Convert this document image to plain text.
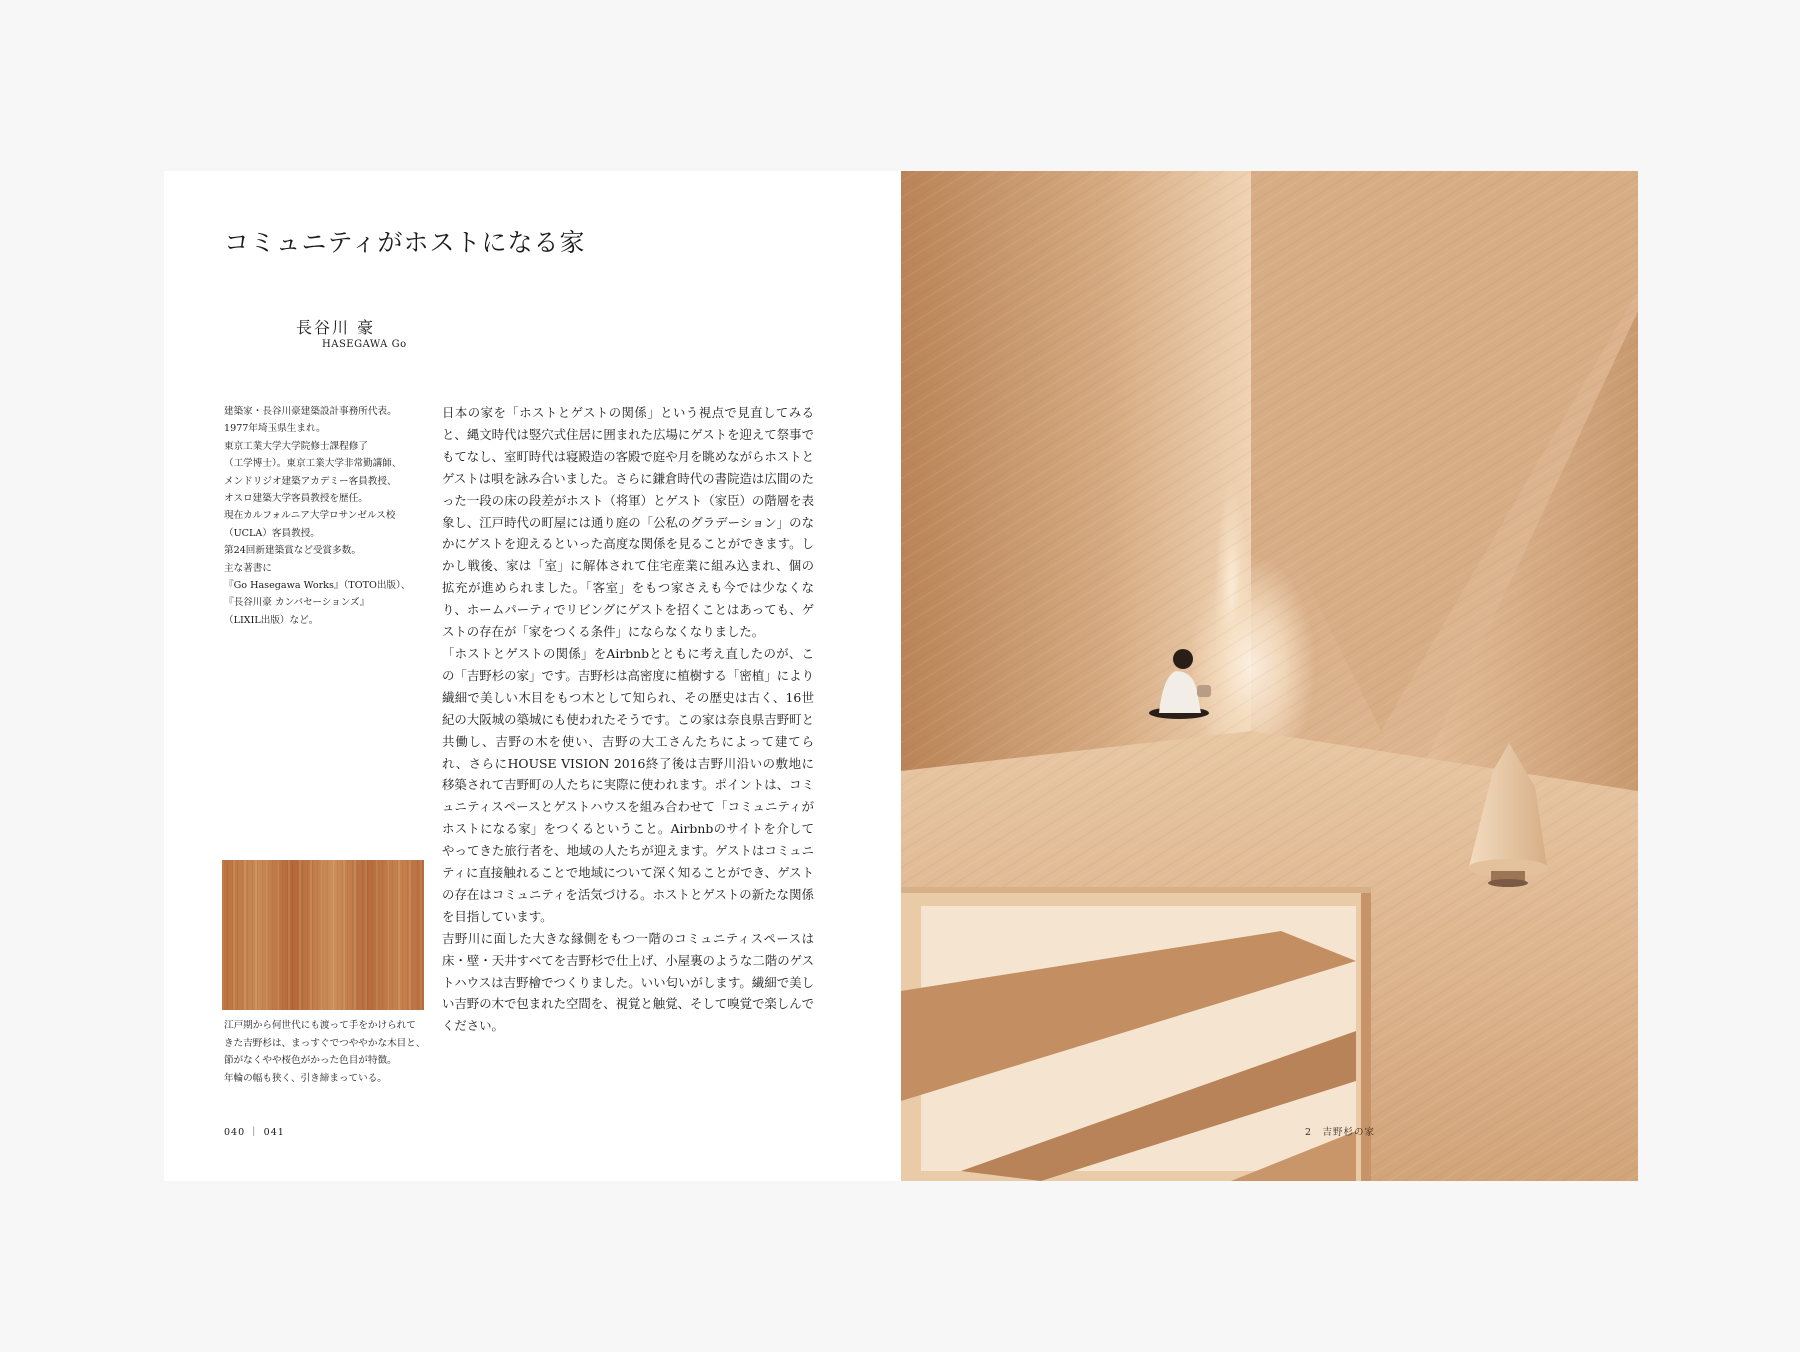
コミュニティがホストになる家
長谷川 豪
HASEGAWA Go
建築家・長谷川豪建築設計事務所代表。
1977年埼玉県生まれ。
東京工業大学大学院修士課程修了
（工学博士）。東京工業大学非常勤講師、
メンドリジオ建築アカデミー客員教授、
オスロ建築大学客員教授を歴任。
現在カルフォルニア大学ロサンゼルス校
（UCLA）客員教授。
第24回新建築賞など受賞多数。
主な著書に
『Go Hasegawa Works』（TOTO出版）、
『長谷川豪 カンバセーションズ』
（LIXIL出版）など。

日本の家を「ホストとゲストの関係」という視点で見直してみると、縄文時代は竪穴式住居に囲まれた広場にゲストを迎えて祭事でもてなし、室町時代は寝殿造の客殿で庭や月を眺めながらホストとゲストは唄を詠み合いました。さらに鎌倉時代の書院造は広間のたった一段の床の段差がホスト（将軍）とゲスト（家臣）の階層を表象し、江戸時代の町屋には通り庭の「公私のグラデーション」のなかにゲストを迎えるといった高度な関係を見ることができます。しかし戦後、家は「室」に解体されて住宅産業に組み込まれ、個の拡充が進められました。「客室」をもつ家さえも今では少なくなり、ホームパーティでリビングにゲストを招くことはあっても、ゲストの存在が「家をつくる条件」にならなくなりました。

「ホストとゲストの関係」をAirbnbとともに考え直したのが、この「吉野杉の家」です。吉野杉は高密度に植樹する「密植」により繊細で美しい木目をもつ木として知られ、その歴史は古く、16世紀の大阪城の築城にも使われたそうです。この家は奈良県吉野町と共働し、吉野の木を使い、吉野の大工さんたちによって建てられ、さらにHOUSE VISION 2016終了後は吉野川沿いの敷地に移築されて吉野町の人たちに実際に使われます。ポイントは、コミュニティスペースとゲストハウスを組み合わせて「コミュニティがホストになる家」をつくるということ。Airbnbのサイトを介してやってきた旅行者を、地域の人たちが迎えます。ゲストはコミュニティに直接触れることで地域について深く知ることができ、ゲストの存在はコミュニティを活気づける。ホストとゲストの新たな関係を目指しています。

吉野川に面した大きな縁側をもつ一階のコミュニティスペースは床・壁・天井すべてを吉野杉で仕上げ、小屋裏のような二階のゲストハウスは吉野檜でつくりました。いい匂いがします。繊細で美しい吉野の木で包まれた空間を、視覚と触覚、そして嗅覚で楽しんでください。

江戸期から何世代にも渡って手をかけられて
きた吉野杉は、まっすぐでつややかな木目と、
節がなくやや桜色がかった色目が特徴。
年輪の幅も狭く、引き締まっている。
040 ｜ 041	2　吉野杉の家
